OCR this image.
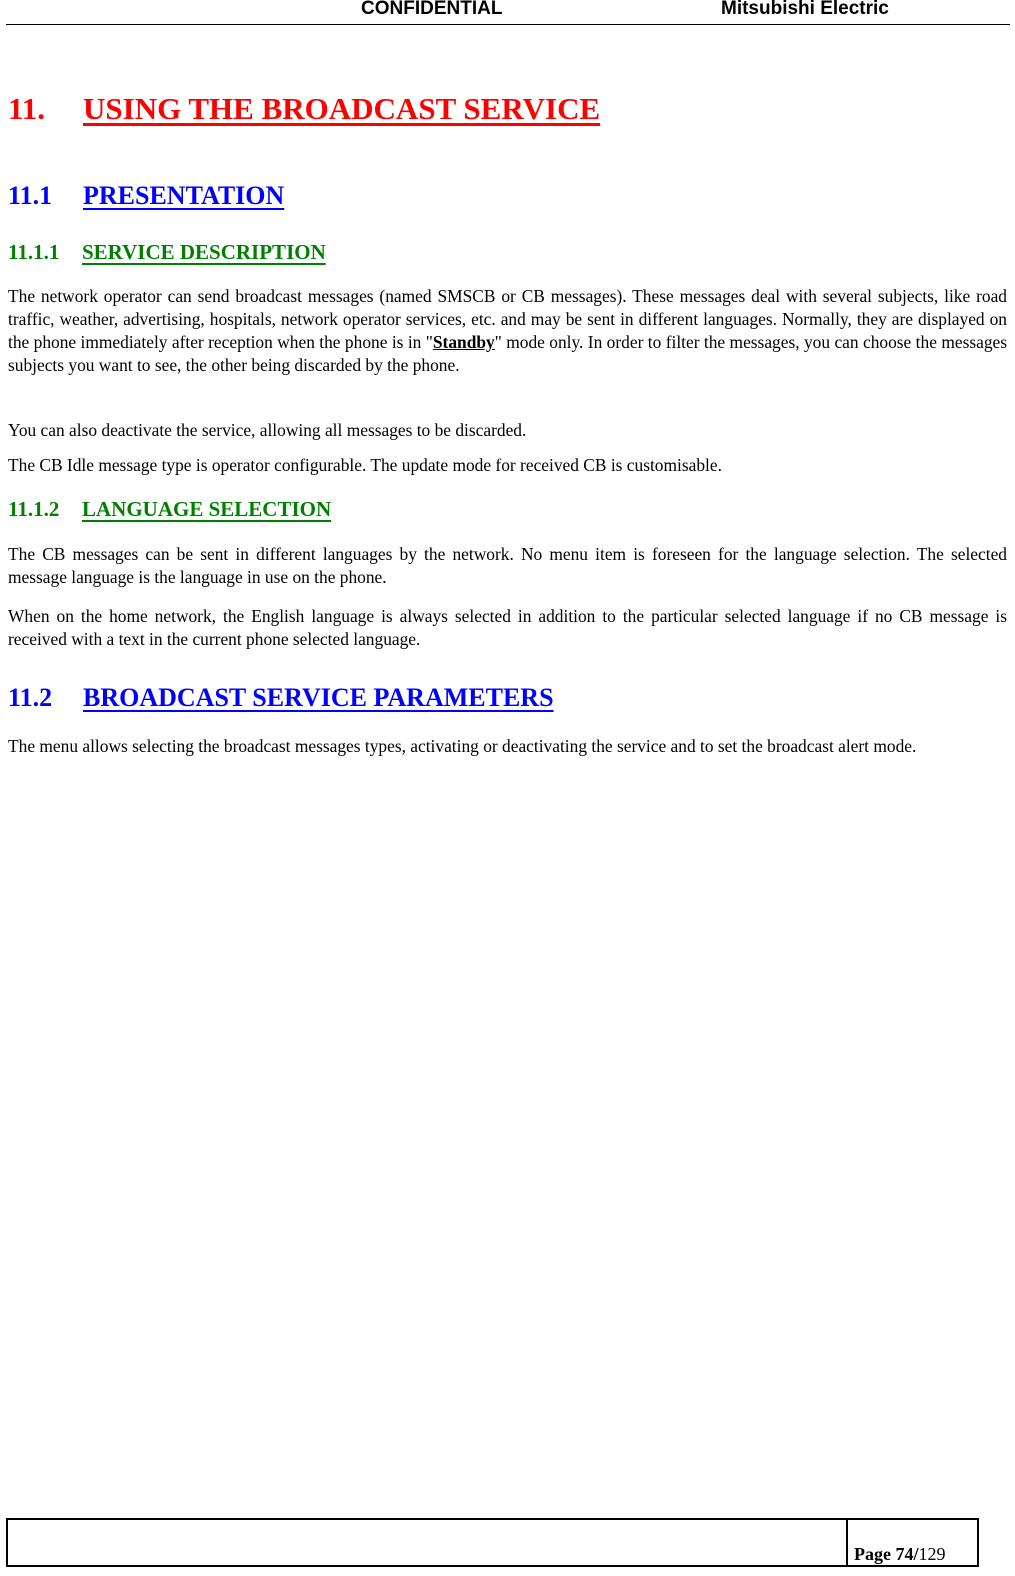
CONFIDENTIAL	Mitsubishi Electric
11. USING THE BROADCAST SERVICE
11.1 PRESENTATION
11.1.1 SERVICE DESCRIPTION

The network operator can send broadcast messages (named SMSCB or CB messages). These messages deal with several subjects, like road traffic, weather, advertising, hospitals, network operator services, etc. and may be sent in different languages. Normally, they are displayed on the phone immediately after reception when the phone is in "Standby" mode only. In order to filter the messages, you can choose the messages subjects you want to see, the other being discarded by the phone.

You can also deactivate the service, allowing all messages to be discarded.

The CB Idle message type is operator configurable. The update mode for received CB is customisable.

11.1.2 LANGUAGE SELECTION

The CB messages can be sent in different languages by the network. No menu item is foreseen for the language selection. The selected message language is the language in use on the phone.

When on the home network, the English language is always selected in addition to the particular selected language if no CB message is received with a text in the current phone selected language.

11.2 BROADCAST SERVICE PARAMETERS

The menu allows selecting the broadcast messages types, activating or deactivating the service and to set the broadcast alert mode.

Page 74/129
